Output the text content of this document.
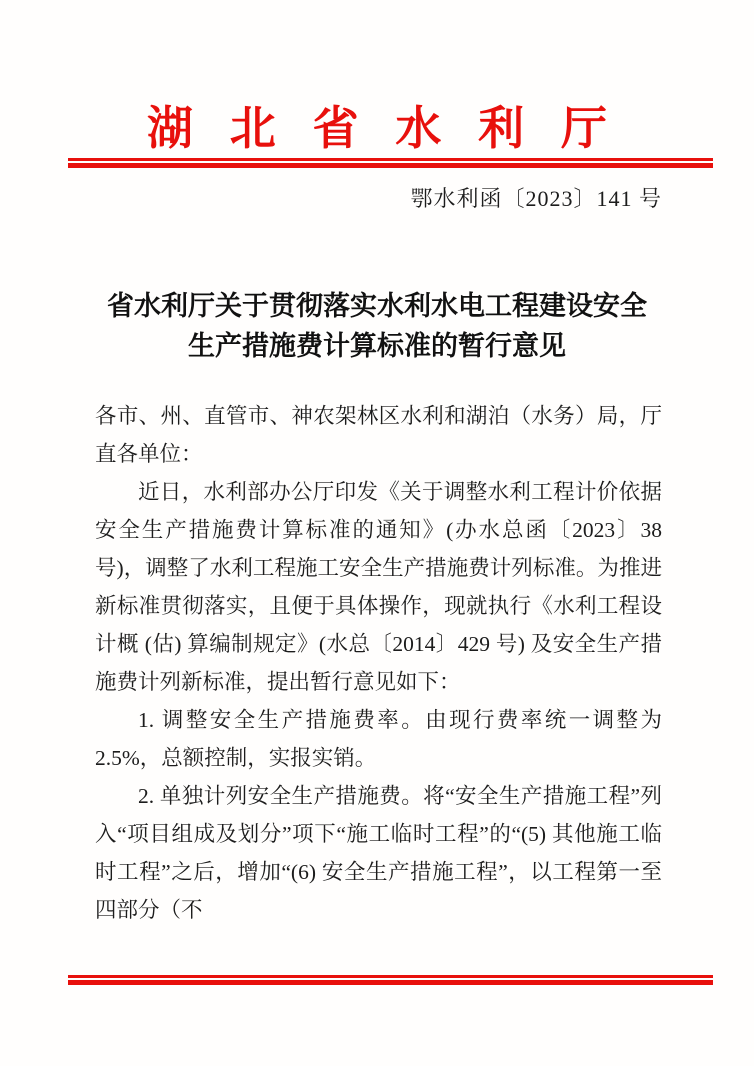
湖北省水利厅
鄂水利函〔2023〕141 号
省水利厅关于贯彻落实水利水电工程建设安全
生产措施费计算标准的暂行意见

各市、州、直管市、神农架林区水利和湖泊（水务）局，厅直各单位：

近日，水利部办公厅印发《关于调整水利工程计价依据安全生产措施费计算标准的通知》(办水总函〔2023〕38 号)，调整了水利工程施工安全生产措施费计列标准。为推进新标准贯彻落实，且便于具体操作，现就执行《水利工程设计概 (估) 算编制规定》(水总〔2014〕429 号) 及安全生产措施费计列新标准，提出暂行意见如下：

1. 调整安全生产措施费率。由现行费率统一调整为 2.5%，总额控制，实报实销。

2. 单独计列安全生产措施费。将“安全生产措施工程”列入“项目组成及划分”项下“施工临时工程”的“(5) 其他施工临时工程”之后，增加“(6) 安全生产措施工程”，以工程第一至四部分（不
